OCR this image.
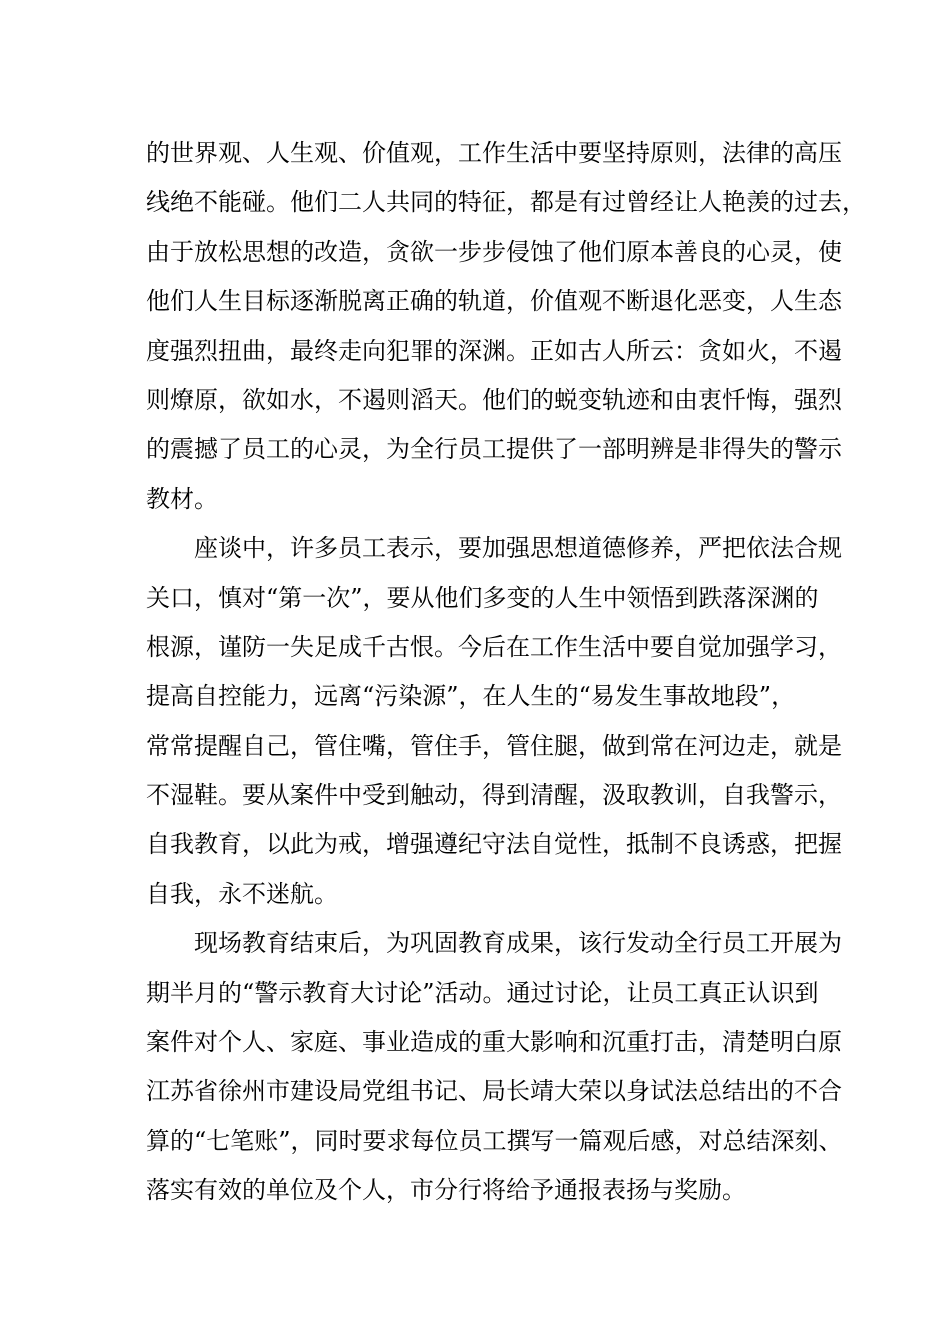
的世界观、人生观、价值观，工作生活中要坚持原则，法律的高压
线绝不能碰。他们二人共同的特征，都是有过曾经让人艳羡的过去，
由于放松思想的改造，贪欲一步步侵蚀了他们原本善良的心灵，使
他们人生目标逐渐脱离正确的轨道，价值观不断退化恶变，人生态
度强烈扭曲，最终走向犯罪的深渊。正如古人所云：贪如火，不遏
则燎原，欲如水，不遏则滔天。他们的蜕变轨迹和由衷忏悔，强烈
的震撼了员工的心灵，为全行员工提供了一部明辨是非得失的警示
教材。
座谈中，许多员工表示，要加强思想道德修养，严把依法合规
关口，慎对“第一次”，要从他们多变的人生中领悟到跌落深渊的
根源，谨防一失足成千古恨。今后在工作生活中要自觉加强学习，
提高自控能力，远离“污染源”，在人生的“易发生事故地段”，
常常提醒自己，管住嘴，管住手，管住腿，做到常在河边走，就是
不湿鞋。要从案件中受到触动，得到清醒，汲取教训，自我警示，
自我教育，以此为戒，增强遵纪守法自觉性，抵制不良诱惑，把握
自我，永不迷航。
现场教育结束后，为巩固教育成果，该行发动全行员工开展为
期半月的“警示教育大讨论”活动。通过讨论，让员工真正认识到
案件对个人、家庭、事业造成的重大影响和沉重打击，清楚明白原
江苏省徐州市建设局党组书记、局长靖大荣以身试法总结出的不合
算的“七笔账”，同时要求每位员工撰写一篇观后感，对总结深刻、
落实有效的单位及个人，市分行将给予通报表扬与奖励。
